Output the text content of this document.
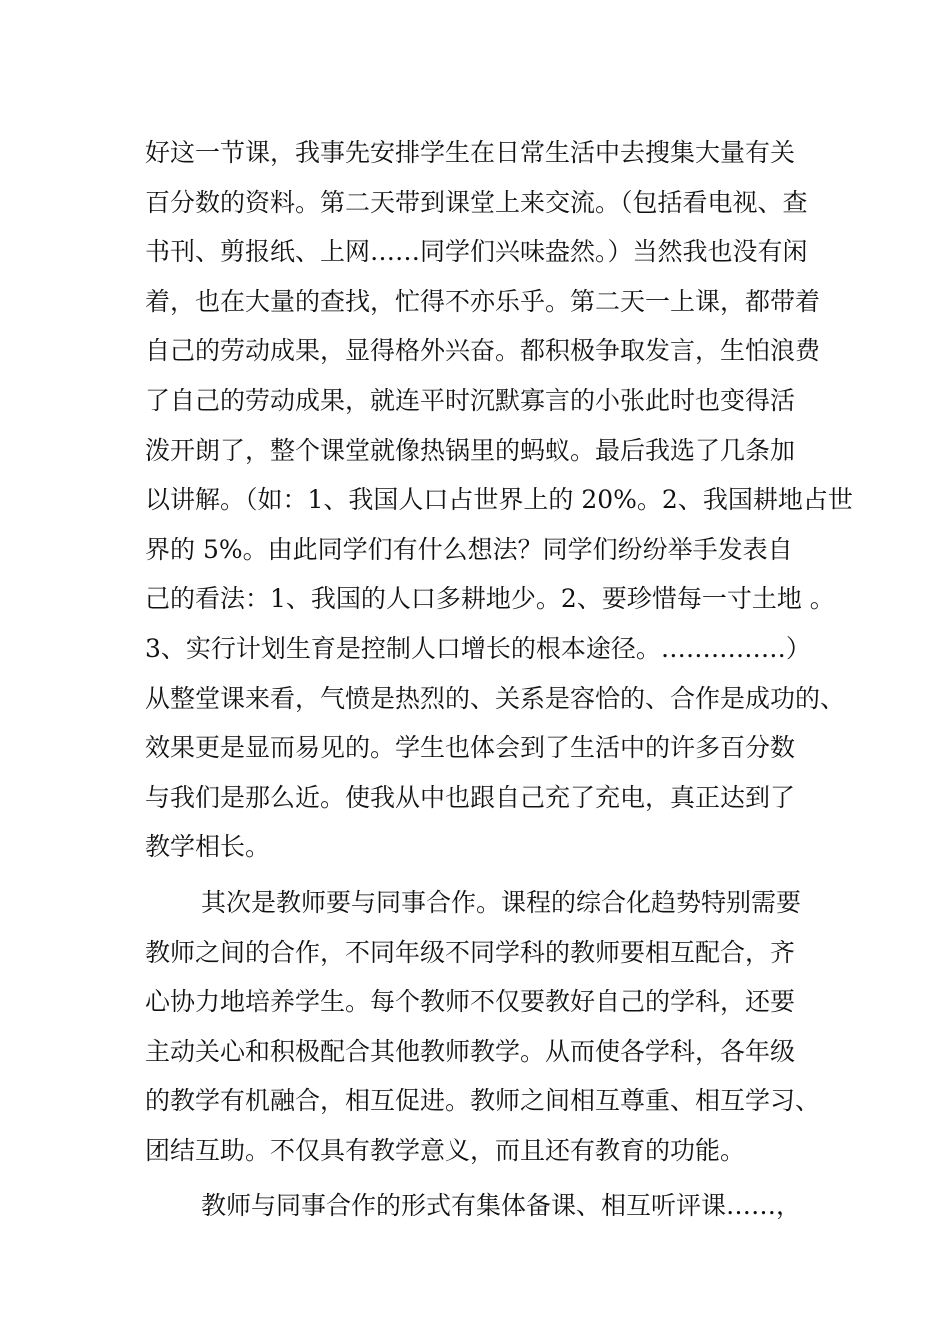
好这一节课，我事先安排学生在日常生活中去搜集大量有关
百分数的资料。第二天带到课堂上来交流。（包括看电视、查
书刊、剪报纸、上网……同学们兴味盎然。）当然我也没有闲
着，也在大量的查找，忙得不亦乐乎。第二天一上课，都带着
自己的劳动成果，显得格外兴奋。都积极争取发言，生怕浪费
了自己的劳动成果，就连平时沉默寡言的小张此时也变得活
泼开朗了，整个课堂就像热锅里的蚂蚁。最后我选了几条加
以讲解。（如：1、我国人口占世界上的 20%。2、我国耕地占世
界的 5%。由此同学们有什么想法？同学们纷纷举手发表自
己的看法：1、我国的人口多耕地少。2、要珍惜每一寸土地 。
3、实行计划生育是控制人口增长的根本途径。……………）
从整堂课来看，气愤是热烈的、关系是容恰的、合作是成功的、
效果更是显而易见的。学生也体会到了生活中的许多百分数
与我们是那么近。使我从中也跟自己充了充电，真正达到了
教学相长。
其次是教师要与同事合作。课程的综合化趋势特别需要
教师之间的合作，不同年级不同学科的教师要相互配合，齐
心协力地培养学生。每个教师不仅要教好自己的学科，还要
主动关心和积极配合其他教师教学。从而使各学科，各年级
的教学有机融合，相互促进。教师之间相互尊重、相互学习、
团结互助。不仅具有教学意义，而且还有教育的功能。
教师与同事合作的形式有集体备课、相互听评课……，
